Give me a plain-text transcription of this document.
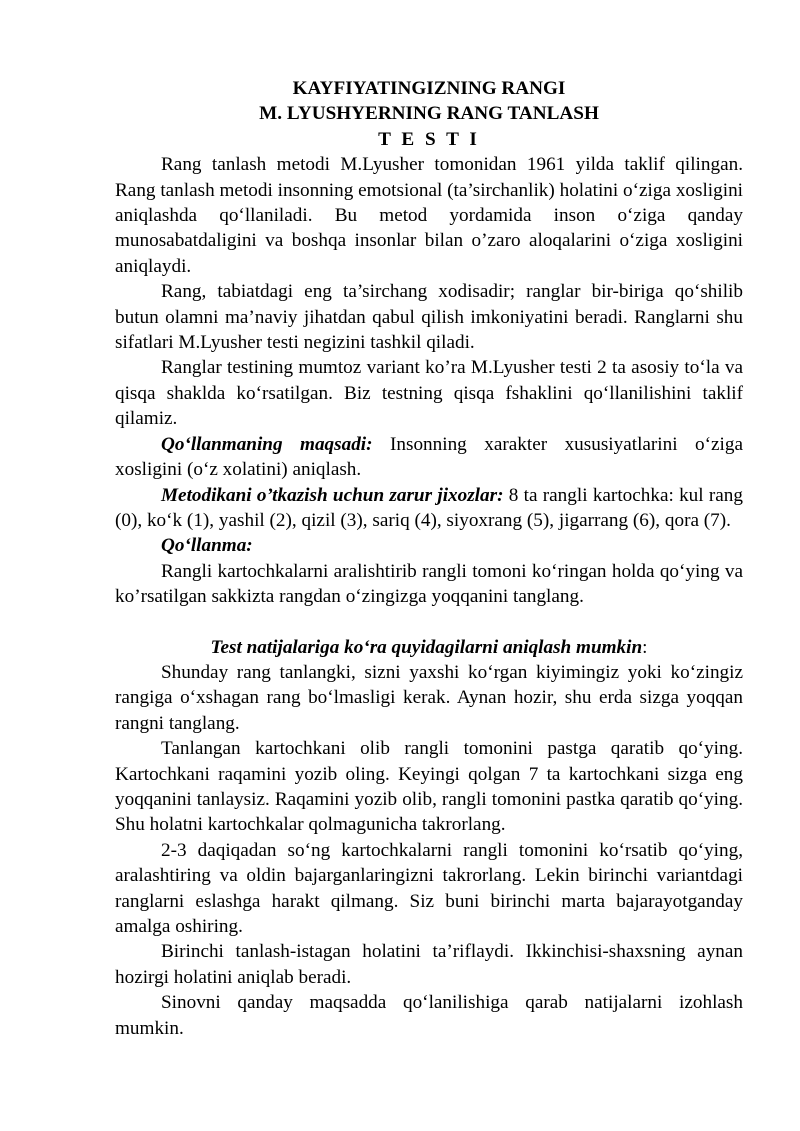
KAYFIYATINGIZNING RANGI
M. LYUSHYERNING RANG TANLASH
T E S T I

Rang tanlash metodi M.Lyusher tomonidan 1961 yilda taklif qilingan. Rang tanlash metodi insonning emotsional (ta’sirchanlik) holatini o‘ziga xosligini aniqlashda qo‘llaniladi. Bu metod yordamida inson o‘ziga qanday munosabatdaligini va boshqa insonlar bilan o’zaro aloqalarini o‘ziga xosligini aniqlaydi.

Rang, tabiatdagi eng ta’sirchang xodisadir; ranglar bir-biriga qo‘shilib butun olamni ma’naviy jihatdan qabul qilish imkoniyatini beradi. Ranglarni shu sifatlari M.Lyusher testi negizini tashkil qiladi.

Ranglar testining mumtoz variant ko’ra M.Lyusher testi 2 ta asosiy to‘la va qisqa shaklda ko‘rsatilgan. Biz testning qisqa fshaklini qo‘llanilishini taklif qilamiz.

Qo‘llanmaning maqsadi: Insonning xarakter xususiyatlarini o‘ziga xosligini (o‘z xolatini) aniqlash.

Metodikani o’tkazish uchun zarur jixozlar: 8 ta rangli kartochka: kul rang (0), ko‘k (1), yashil (2), qizil (3), sariq (4), siyoxrang (5), jigarrang (6), qora (7).

Qo‘llanma:

Rangli kartochkalarni aralishtirib rangli tomoni ko‘ringan holda qo‘ying va ko’rsatilgan sakkizta rangdan o‘zingizga yoqqanini tanglang.

Test natijalariga ko‘ra quyidagilarni aniqlash mumkin:

Shunday rang tanlangki, sizni yaxshi ko‘rgan kiyimingiz yoki ko‘zingiz rangiga o‘xshagan rang bo‘lmasligi kerak. Aynan hozir, shu erda sizga yoqqan rangni tanglang.

Tanlangan kartochkani olib rangli tomonini pastga qaratib qo‘ying. Kartochkani raqamini yozib oling. Keyingi qolgan 7 ta kartochkani sizga eng yoqqanini tanlaysiz. Raqamini yozib olib, rangli tomonini pastka qaratib qo‘ying. Shu holatni kartochkalar qolmagunicha takrorlang.

2-3 daqiqadan so‘ng kartochkalarni rangli tomonini ko‘rsatib qo‘ying, aralashtiring va oldin bajarganlaringizni takrorlang. Lekin birinchi variantdagi ranglarni eslashga harakt qilmang. Siz buni birinchi marta bajarayotganday amalga oshiring.

Birinchi tanlash-istagan holatini ta’riflaydi. Ikkinchisi-shaxsning aynan hozirgi holatini aniqlab beradi.

Sinovni qanday maqsadda qo‘lanilishiga qarab natijalarni izohlash mumkin.
